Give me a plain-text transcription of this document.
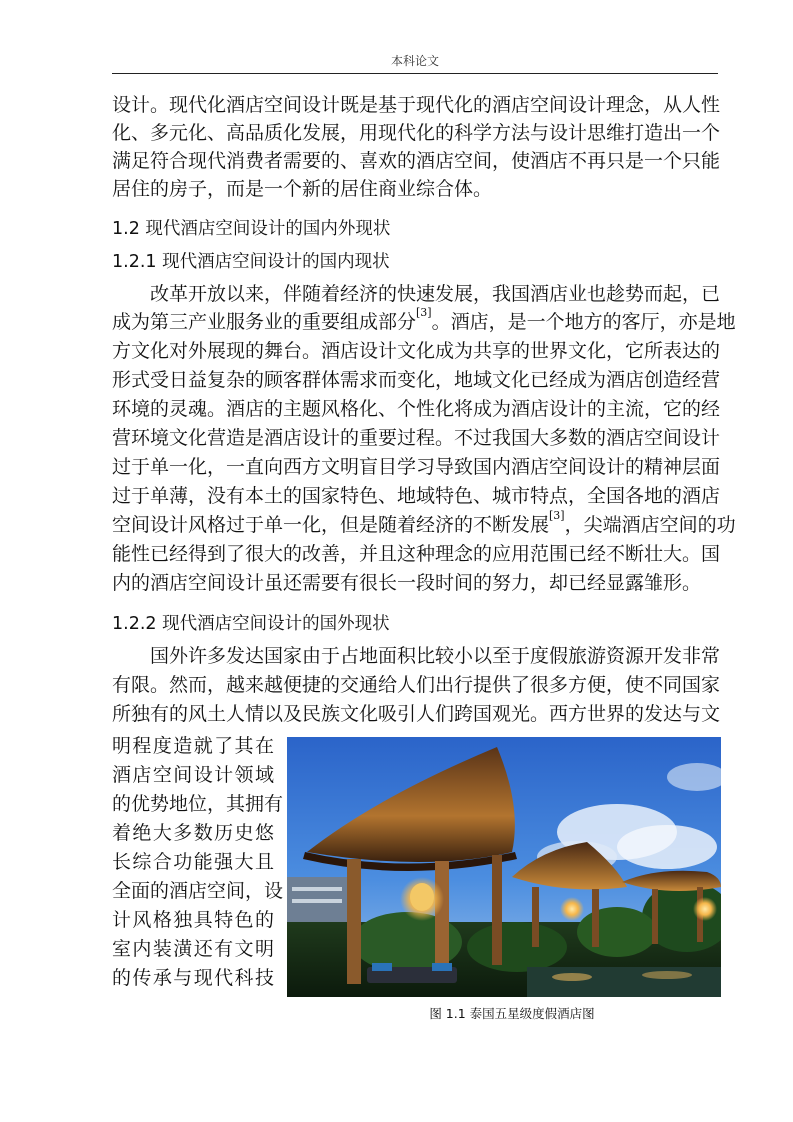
本科论文
设计。现代化酒店空间设计既是基于现代化的酒店空间设计理念，从人性
化、多元化、高品质化发展，用现代化的科学方法与设计思维打造出一个
满足符合现代消费者需要的、喜欢的酒店空间，使酒店不再只是一个只能
居住的房子，而是一个新的居住商业综合体。
1.2 现代酒店空间设计的国内外现状
1.2.1 现代酒店空间设计的国内现状
改革开放以来，伴随着经济的快速发展，我国酒店业也趁势而起，已
成为第三产业服务业的重要组成部分[3]。酒店，是一个地方的客厅，亦是地
方文化对外展现的舞台。酒店设计文化成为共享的世界文化，它所表达的
形式受日益复杂的顾客群体需求而变化，地域文化已经成为酒店创造经营
环境的灵魂。酒店的主题风格化、个性化将成为酒店设计的主流，它的经
营环境文化营造是酒店设计的重要过程。不过我国大多数的酒店空间设计
过于单一化，一直向西方文明盲目学习导致国内酒店空间设计的精神层面
过于单薄，没有本土的国家特色、地域特色、城市特点，全国各地的酒店
空间设计风格过于单一化，但是随着经济的不断发展[3]，尖端酒店空间的功
能性已经得到了很大的改善，并且这种理念的应用范围已经不断壮大。国
内的酒店空间设计虽还需要有很长一段时间的努力，却已经显露雏形。
1.2.2 现代酒店空间设计的国外现状
国外许多发达国家由于占地面积比较小以至于度假旅游资源开发非常
有限。然而，越来越便捷的交通给人们出行提供了很多方便，使不同国家
所独有的风土人情以及民族文化吸引人们跨国观光。西方世界的发达与文
明程度造就了其在
酒店空间设计领域
的优势地位，其拥有
着绝大多数历史悠
长综合功能强大且
全面的酒店空间，设
计风格独具特色的
室内装潢还有文明
的传承与现代科技
图 1.1 泰国五星级度假酒店图
